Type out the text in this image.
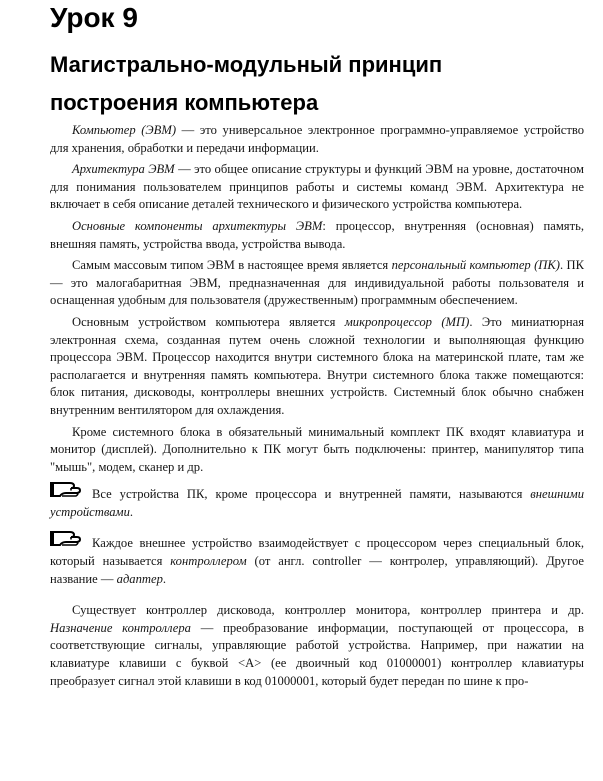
Урок 9
Магистрально-модульный принцип
построения компьютера

Компьютер (ЭВМ) — это универсальное электронное программно-управляемое устройство для хранения, обработки и передачи информации.

Архитектура ЭВМ — это общее описание структуры и функций ЭВМ на уровне, достаточном для понимания пользователем принципов работы и системы команд ЭВМ. Архитектура не включает в себя описание деталей технического и физического устройства компьютера.

Основные компоненты архитектуры ЭВМ: процессор, внутренняя (основная) память, внешняя память, устройства ввода, устройства вывода.

Самым массовым типом ЭВМ в настоящее время является персональный компьютер (ПК). ПК — это малогабаритная ЭВМ, предназначенная для индивидуальной работы пользователя и оснащенная удобным для пользователя (дружественным) программным обеспечением.

Основным устройством компьютера является микропроцессор (МП). Это миниатюрная электронная схема, созданная путем очень сложной технологии и выполняющая функцию процессора ЭВМ. Процессор находится внутри системного блока на материнской плате, там же располагается и внутренняя память компьютера. Внутри системного блока также помещаются: блок питания, дисководы, контроллеры внешних устройств. Системный блок обычно снабжен внутренним вентилятором для охлаждения.

Кроме системного блока в обязательный минимальный комплект ПК входят клавиатура и монитор (дисплей). Дополнительно к ПК могут быть подключены: принтер, манипулятор типа "мышь", модем, сканер и др.

Все устройства ПК, кроме процессора и внутренней памяти, называются внешними устройствами.

Каждое внешнее устройство взаимодействует с процессором через специальный блок, который называется контроллером (от англ. controller — контролер, управляющий). Другое название — адаптер.

Существует контроллер дисковода, контроллер монитора, контроллер принтера и др. Назначение контроллера — преобразование информации, поступающей от процессора, в соответствующие сигналы, управляющие работой устройства. Например, при нажатии на клавиатуре клавиши с буквой <A> (ее двоичный код 01000001) контроллер клавиатуры преобразует сигнал этой клавиши в код 01000001, который будет передан по шине к про-
